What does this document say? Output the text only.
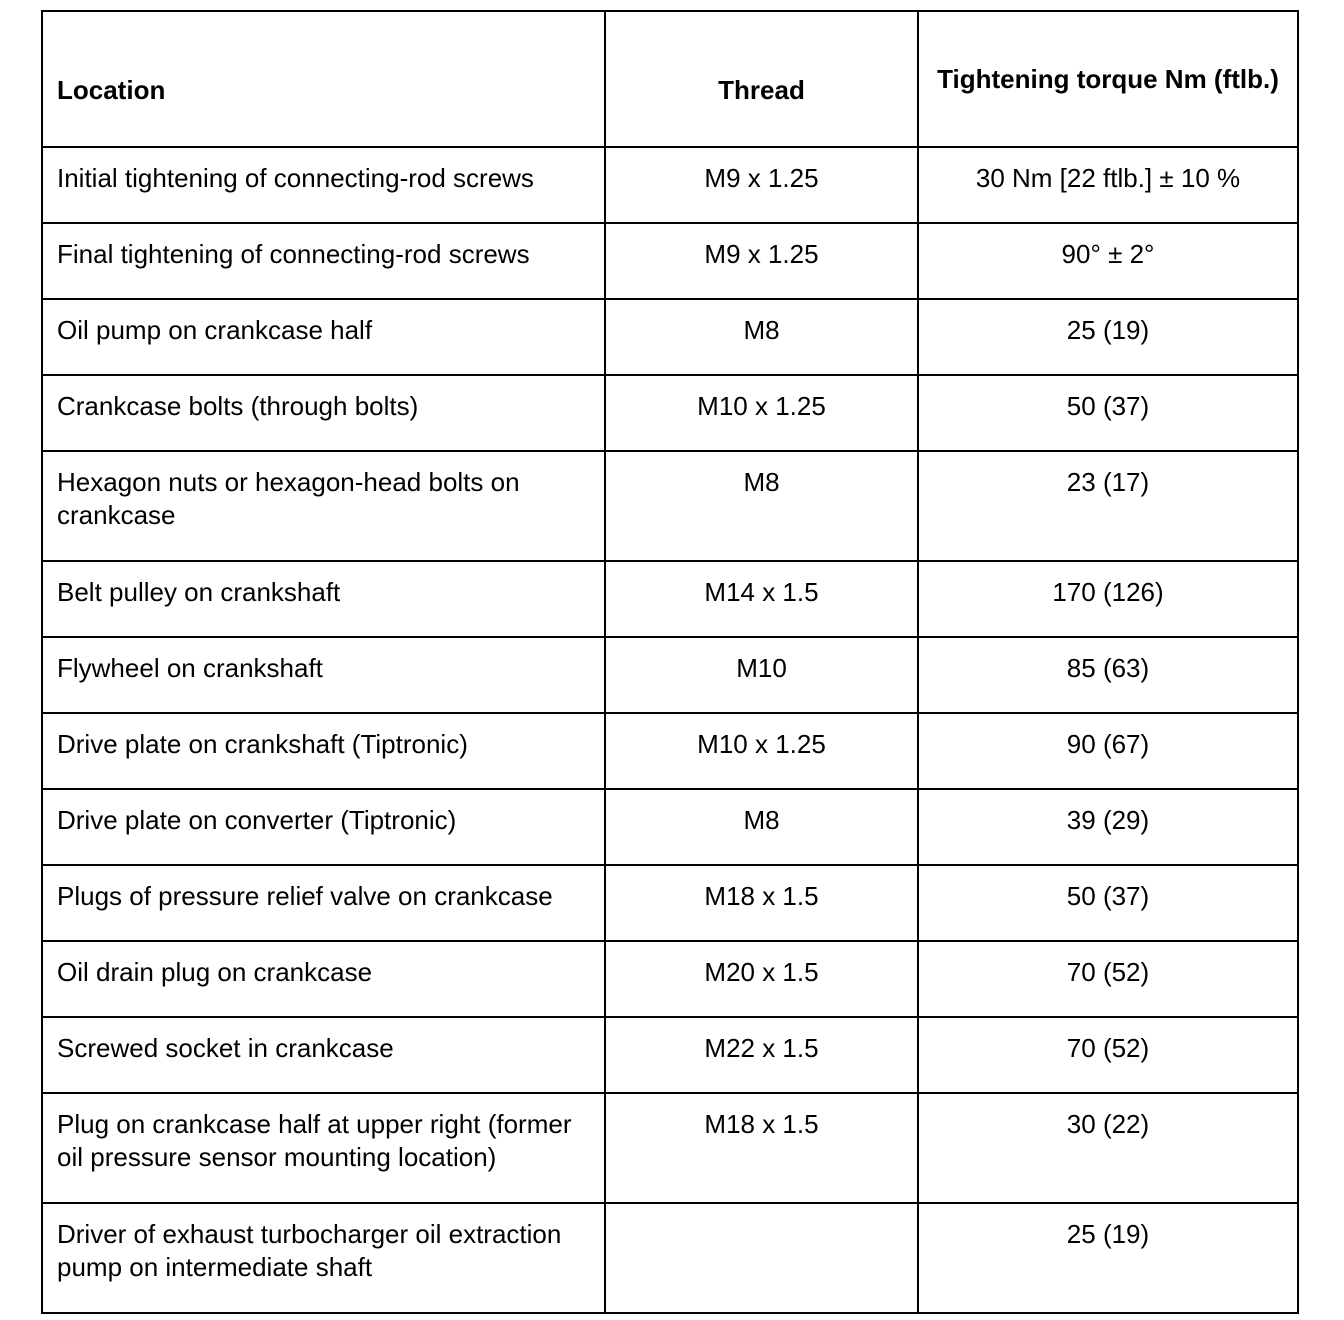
Location	Thread	Tightening torque Nm (ftlb.)
Initial tightening of connecting-rod screws	M9 x 1.25	30 Nm [22 ftlb.] ± 10 %
Final tightening of connecting-rod screws	M9 x 1.25	90° ± 2°
Oil pump on crankcase half	M8	25 (19)
Crankcase bolts (through bolts)	M10 x 1.25	50 (37)
Hexagon nuts or hexagon-head bolts on crankcase	M8	23 (17)
Belt pulley on crankshaft	M14 x 1.5	170 (126)
Flywheel on crankshaft	M10	85 (63)
Drive plate on crankshaft (Tiptronic)	M10 x 1.25	90 (67)
Drive plate on converter (Tiptronic)	M8	39 (29)
Plugs of pressure relief valve on crankcase	M18 x 1.5	50 (37)
Oil drain plug on crankcase	M20 x 1.5	70 (52)
Screwed socket in crankcase	M22 x 1.5	70 (52)
Plug on crankcase half at upper right (former oil pressure sensor mounting location)	M18 x 1.5	30 (22)
Driver of exhaust turbocharger oil extraction pump on intermediate shaft		25 (19)
